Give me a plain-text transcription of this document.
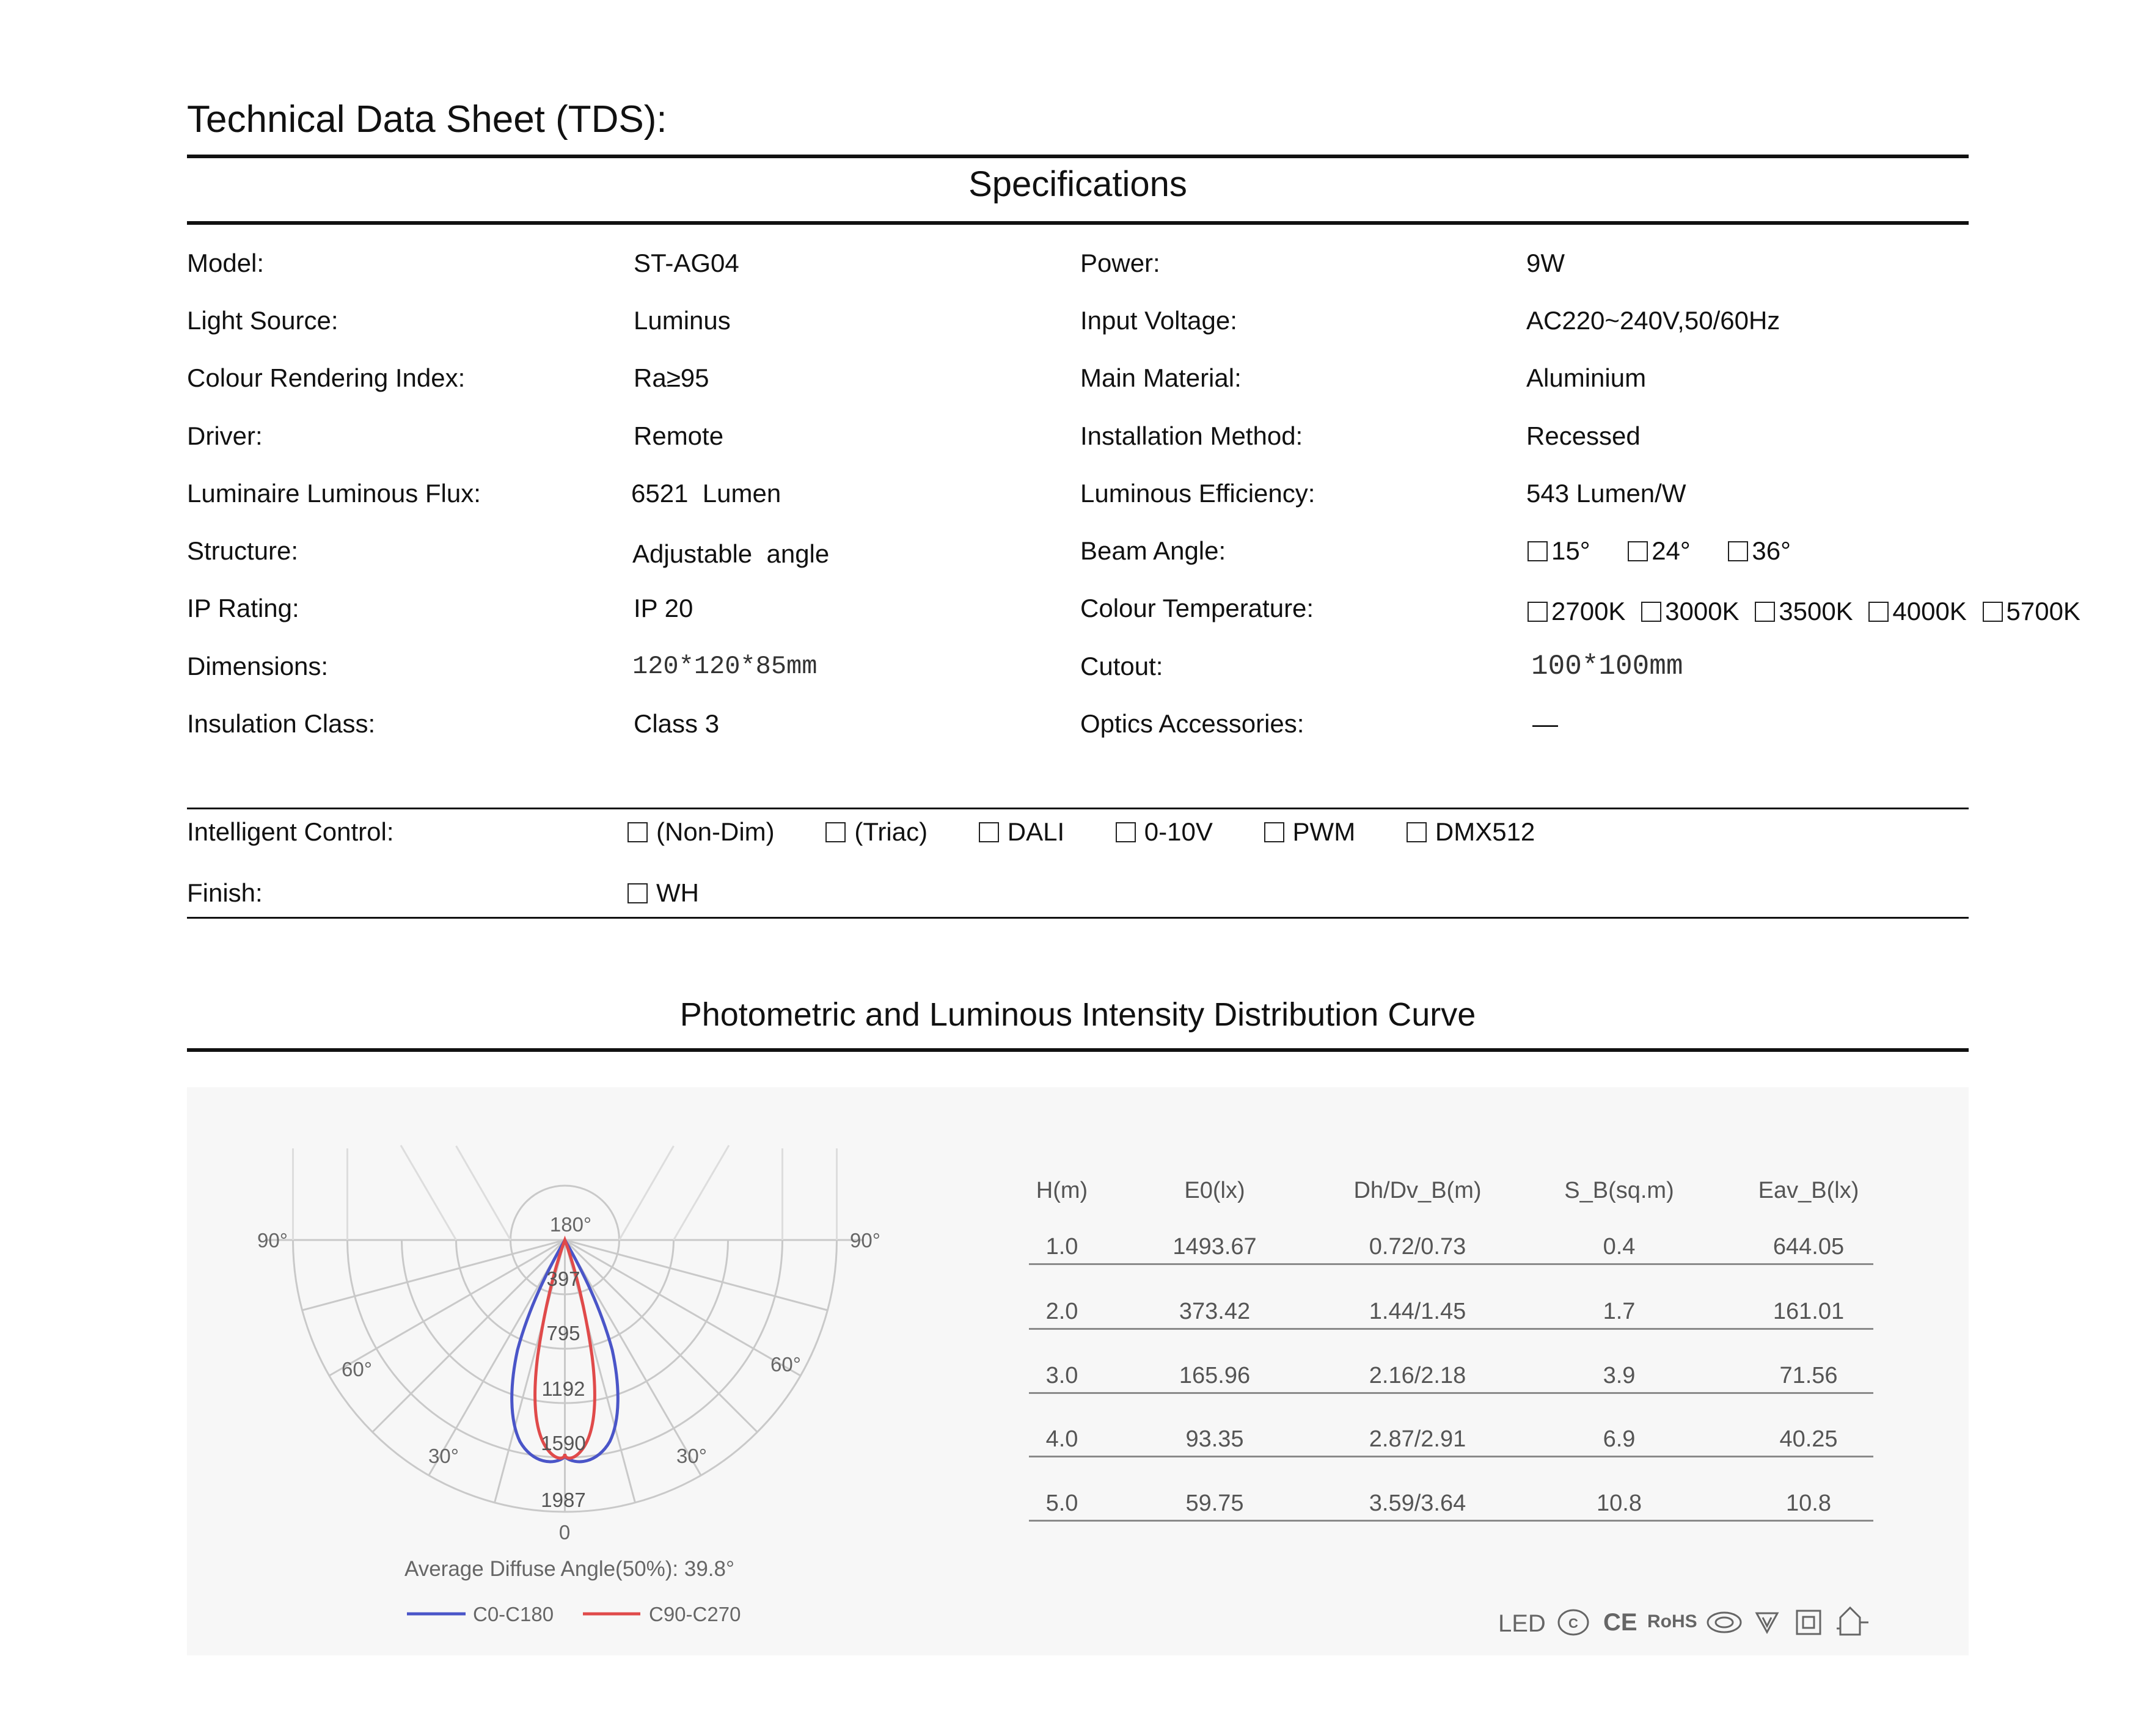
Technical Data Sheet (TDS):
Specifications
Model:	ST-AG04
Light Source:	Luminus
Colour Rendering Index:	Ra≥95
Driver:	Remote
Luminaire Luminous Flux:	6521  Lumen
Structure:	Adjustable  angle
IP Rating:	IP 20
Dimensions:	120*120*85mm
Insulation Class:	Class 3
Power:	9W
Input Voltage:	AC220~240V,50/60Hz
Main Material:	Aluminium
Installation Method:	Recessed
Luminous Efficiency:	543 Lumen/W
Beam Angle:	15°
24°
36°
Colour Temperature:	2700K
3000K
3500K
4000K
5700K
Cutout:	100*100mm
Optics Accessories:	—
Intelligent Control:	(Non-Dim)
	(Triac)
	DALI
	0-10V
	PWM
	DMX512
Finish:	WH
Photometric and Luminous Intensity Distribution Curve
180°
90°	90°
60°	60°
30°	30°
0
397
795
1192
1590
1987
Average Diffuse Angle(50%): 39.8°
C0-C180	C90-C270
H(m)	E0(lx)	Dh/Dv_B(m)	S_B(sq.m)	Eav_B(lx)
1.0	1493.67	0.72/0.73	0.4	644.05
2.0	373.42	1.44/1.45	1.7	161.01
3.0	165.96	2.16/2.18	3.9	71.56
4.0	93.35	2.87/2.91	6.9	40.25
5.0	59.75	3.59/3.64	10.8	10.8
LED C CE RoHS
